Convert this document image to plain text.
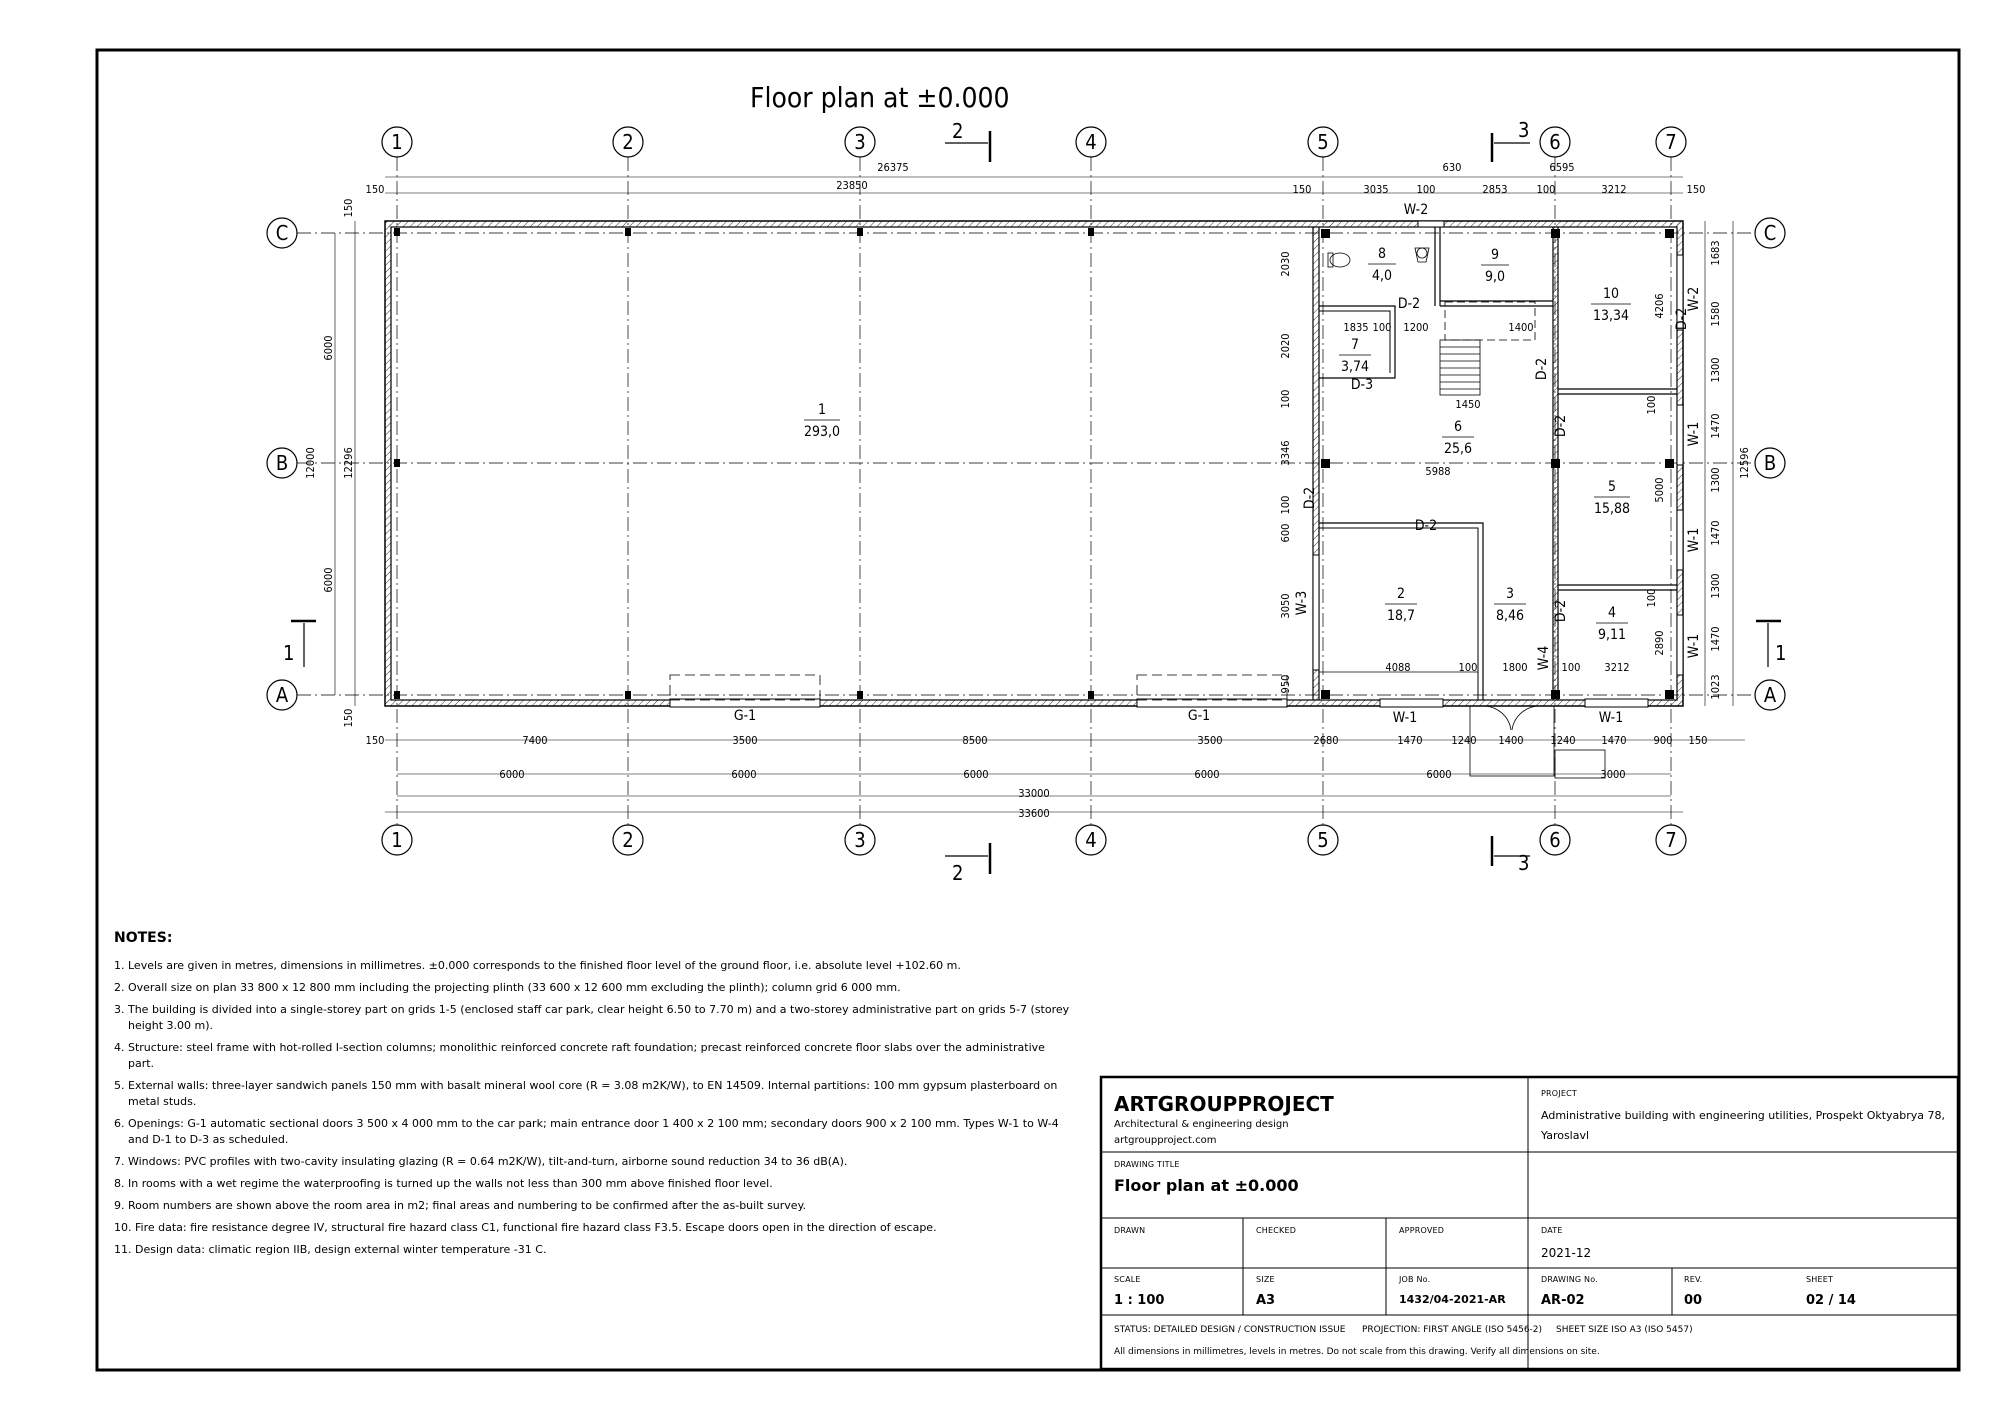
Floor plan at ±0.000
1	2	3	4	5	6	7
1	2	3	4	5	6	7
C
B
A
C
B
A
2
2
3
3
1	1
26375
23850
630	6595
150	150	3035	100	2853	100	3212	150
150	7400	3500	8500	3500	2680	1470	1240 1400 1240 1470 900 150
6000	6000	6000	6000	6000	3000
33000
33600
150
6000
12000 12296
6000
150
1683
1580
1300
1470
1300
1470
1300
1470
1023
12596
4206
5000
2890
2030
2020
100
3346
100
600
3050
950
1835 100 1200	1400
1450
5988
4088	100 1800	100 3212
100
100
1
293,0
2
18,7
3
8,46	4
9,11
5
15,88
6
25,6
7
3,74
8
4,0
9
9,0
10
13,34
G-1	G-1	W-1	W-1
W-1
W-1
W-1
W-2
W-2
W-3
W-4
D-2
D-2
D-2
D-2
D-2
D-2
D-2
D-3
NOTES:
1. Levels are given in metres, dimensions in millimetres. ±0.000 corresponds to the finished floor level of the ground floor, i.e. absolute level +102.60 m.
2. Overall size on plan 33 800 x 12 800 mm including the projecting plinth (33 600 x 12 600 mm excluding the plinth); column grid 6 000 mm.
3. The building is divided into a single-storey part on grids 1-5 (enclosed staff car park, clear height 6.50 to 7.70 m) and a two-storey administrative part on grids 5-7 (storey height 3.00 m).
4. Structure: steel frame with hot-rolled I-section columns; monolithic reinforced concrete raft foundation; precast reinforced concrete floor slabs over the administrative part.
5. External walls: three-layer sandwich panels 150 mm with basalt mineral wool core (R = 3.08 m2K/W), to EN 14509. Internal partitions: 100 mm gypsum plasterboard on metal studs.
6. Openings: G-1 automatic sectional doors 3 500 x 4 000 mm to the car park; main entrance door 1 400 x 2 100 mm; secondary doors 900 x 2 100 mm. Types W-1 to W-4 and D-1 to D-3 as scheduled.
7. Windows: PVC profiles with two-cavity insulating glazing (R = 0.64 m2K/W), tilt-and-turn, airborne sound reduction 34 to 36 dB(A).
8. In rooms with a wet regime the waterproofing is turned up the walls not less than 300 mm above finished floor level.
9. Room numbers are shown above the room area in m2; final areas and numbering to be confirmed after the as-built survey.
10. Fire data: fire resistance degree IV, structural fire hazard class C1, functional fire hazard class F3.5. Escape doors open in the direction of escape.
11. Design data: climatic region IIB, design external winter temperature -31 C.
ARTGROUPPROJECT
Architectural & engineering design
artgroupproject.com
PROJECT
Administrative building with engineering utilities, Prospekt Oktyabrya 78,
Yaroslavl
DRAWING TITLE
Floor plan at ±0.000
DRAWN	CHECKED	APPROVED	DATE
2021-12
SCALE
1 : 100
SIZE
A3
JOB No.
1432/04-2021-AR
DRAWING No.
AR-02
REV.
00
SHEET
02 / 14
STATUS: DETAILED DESIGN / CONSTRUCTION ISSUE PROJECTION: FIRST ANGLE (ISO 5456-2) SHEET SIZE ISO A3 (ISO 5457)
All dimensions in millimetres, levels in metres. Do not scale from this drawing. Verify all dimensions on site.
